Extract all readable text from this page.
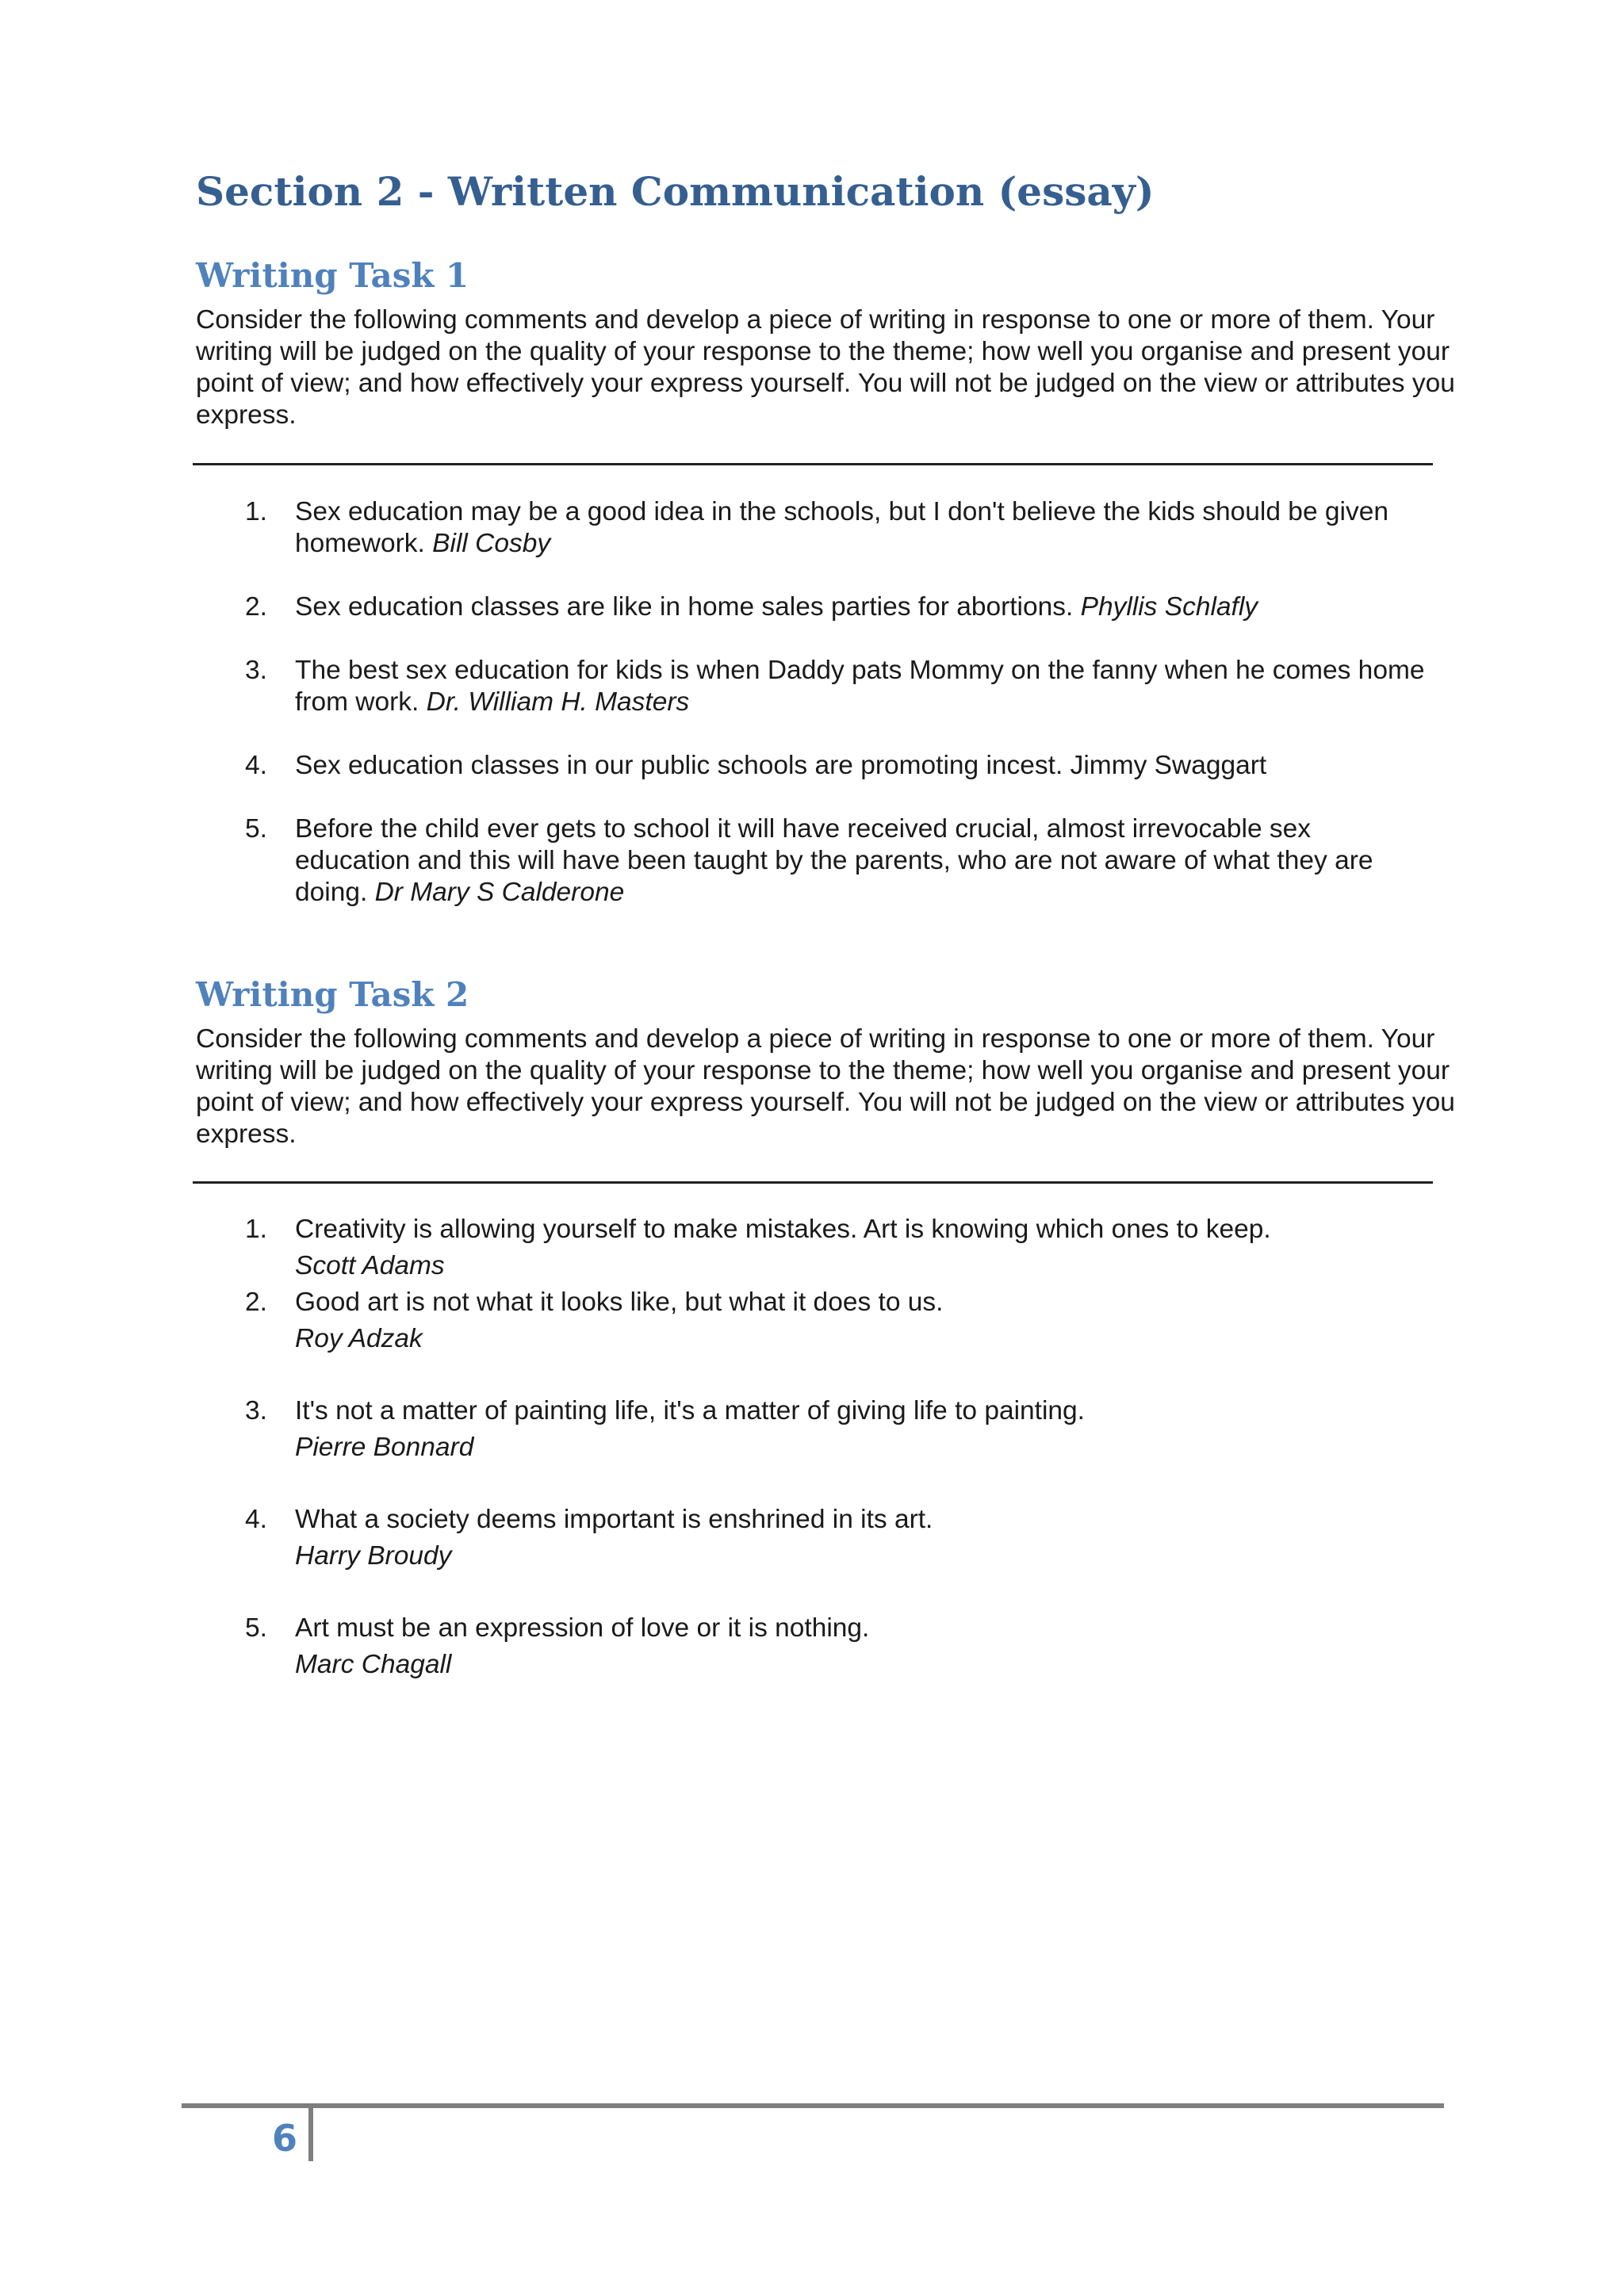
Section 2 - Written Communication (essay)
Writing Task 1

Consider the following comments and develop a piece of writing in response to one or more of them. Your writing will be judged on the quality of your response to the theme; how well you organise and present your point of view; and how effectively your express yourself. You will not be judged on the view or attributes you express.

1. Sex education may be a good idea in the schools, but I don't believe the kids should be given homework. Bill Cosby
2. Sex education classes are like in home sales parties for abortions. Phyllis Schlafly
3. The best sex education for kids is when Daddy pats Mommy on the fanny when he comes home from work. Dr. William H. Masters
4. Sex education classes in our public schools are promoting incest. Jimmy Swaggart
5. Before the child ever gets to school it will have received crucial, almost irrevocable sex education and this will have been taught by the parents, who are not aware of what they are doing. Dr Mary S Calderone
Writing Task 2

Consider the following comments and develop a piece of writing in response to one or more of them. Your writing will be judged on the quality of your response to the theme; how well you organise and present your point of view; and how effectively your express yourself. You will not be judged on the view or attributes you express.

1. Creativity is allowing yourself to make mistakes. Art is knowing which ones to keep.
Scott Adams
2. Good art is not what it looks like, but what it does to us.
Roy Adzak
3. It's not a matter of painting life, it's a matter of giving life to painting.
Pierre Bonnard
4. What a society deems important is enshrined in its art.
Harry Broudy
5. Art must be an expression of love or it is nothing.
Marc Chagall
6
